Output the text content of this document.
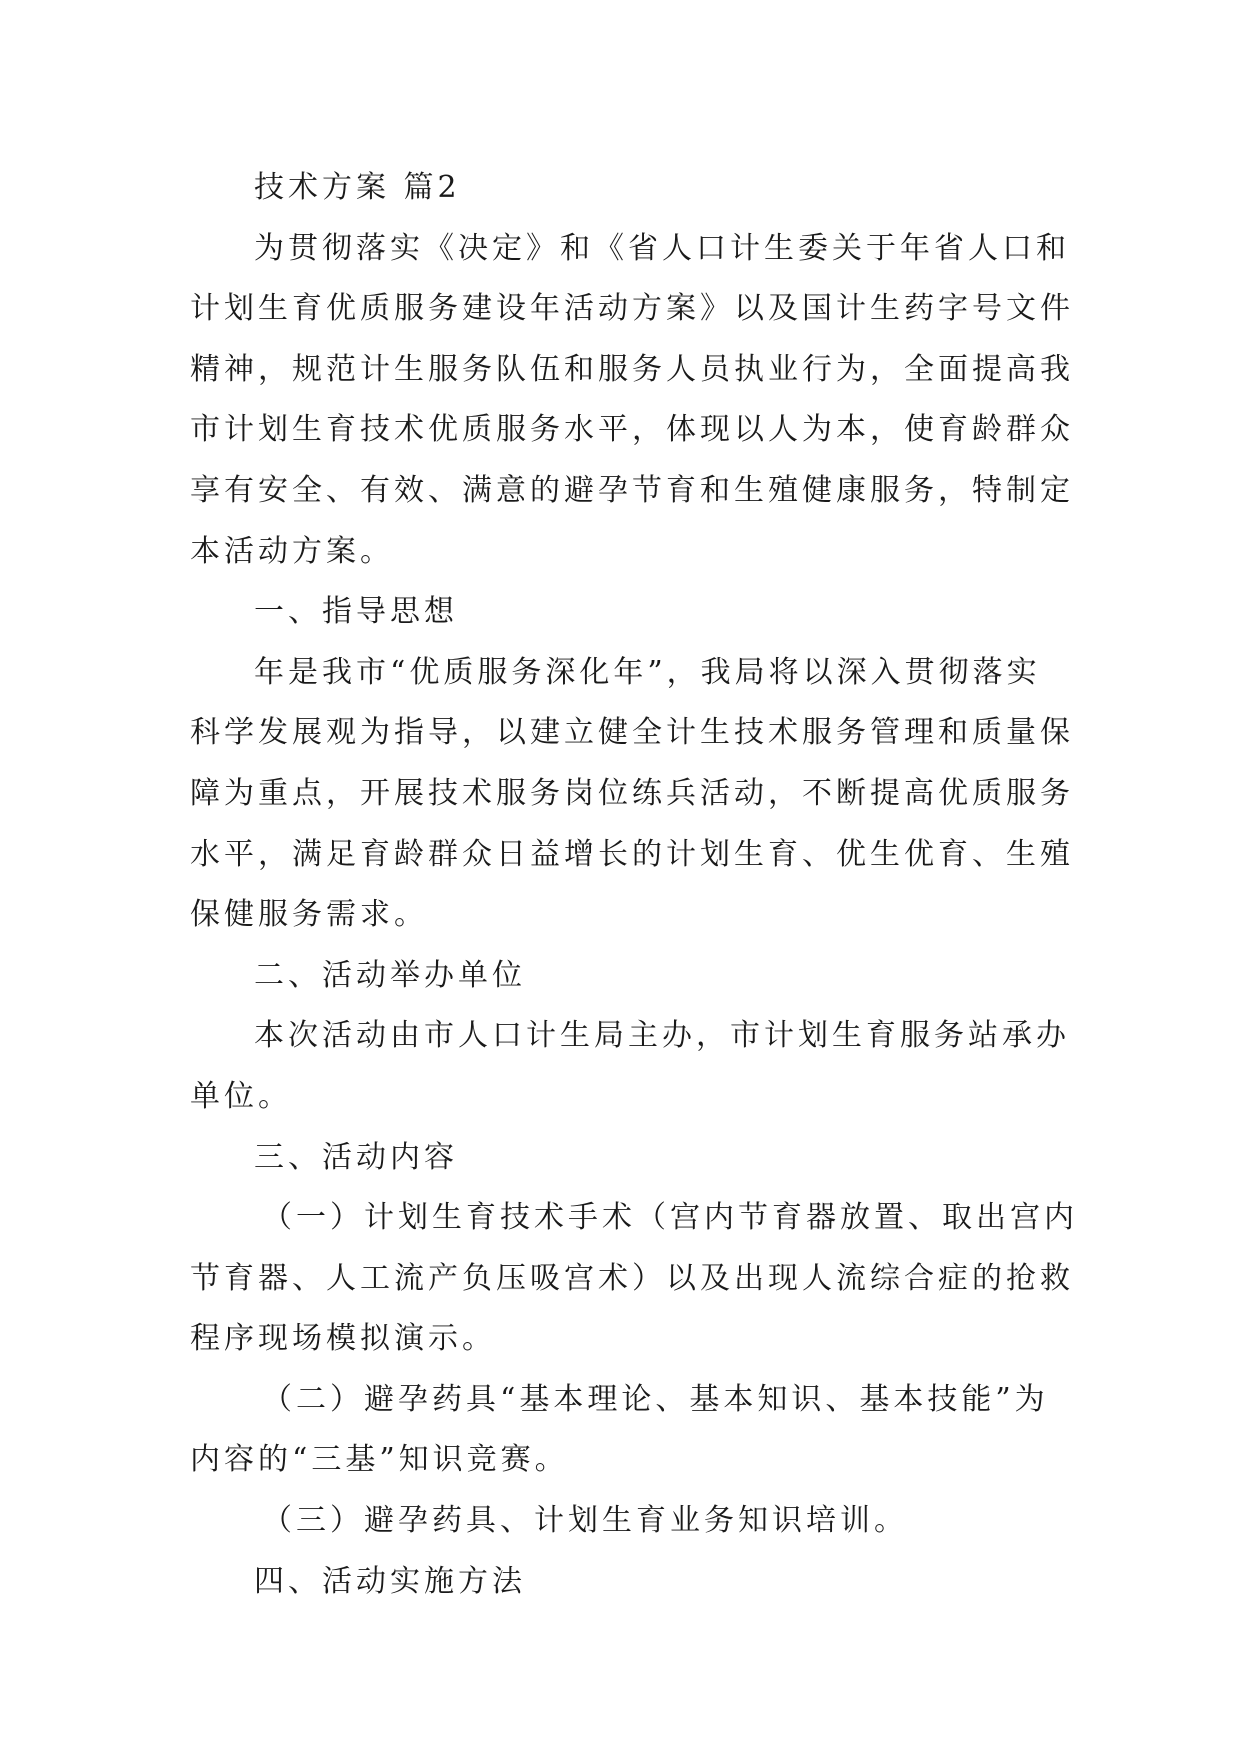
技术方案 篇2
为贯彻落实《决定》和《省人口计生委关于年省人口和
计划生育优质服务建设年活动方案》以及国计生药字号文件
精神，规范计生服务队伍和服务人员执业行为，全面提高我
市计划生育技术优质服务水平，体现以人为本，使育龄群众
享有安全、有效、满意的避孕节育和生殖健康服务，特制定
本活动方案。
一、指导思想
年是我市“优质服务深化年”，我局将以深入贯彻落实
科学发展观为指导，以建立健全计生技术服务管理和质量保
障为重点，开展技术服务岗位练兵活动，不断提高优质服务
水平，满足育龄群众日益增长的计划生育、优生优育、生殖
保健服务需求。
二、活动举办单位
本次活动由市人口计生局主办，市计划生育服务站承办
单位。
三、活动内容
（一）计划生育技术手术（宫内节育器放置、取出宫内
节育器、人工流产负压吸宫术）以及出现人流综合症的抢救
程序现场模拟演示。
（二）避孕药具“基本理论、基本知识、基本技能”为
内容的“三基”知识竞赛。
（三）避孕药具、计划生育业务知识培训。
四、活动实施方法
